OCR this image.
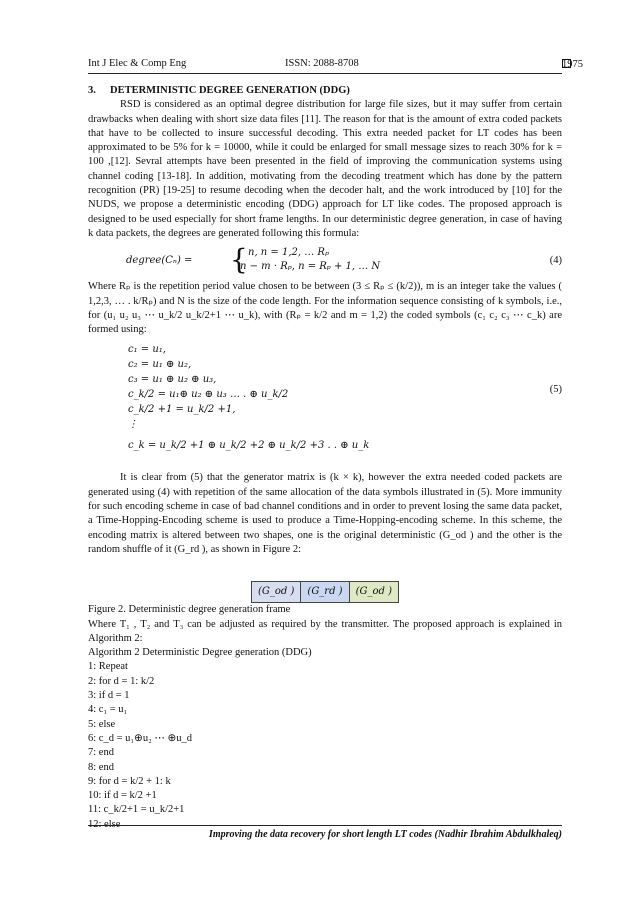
Int J Elec & Comp Eng	ISSN: 2088-8708	1975

3. DETERMINISTIC DEGREE GENERATION (DDG)

RSD is considered as an optimal degree distribution for large file sizes, but it may suffer from certain drawbacks when dealing with short size data files [11]. The reason for that is the amount of extra coded packets that have to be collected to insure successful decoding. This extra needed packet for LT codes has been approximated to be 5% for k = 10000, while it could be enlarged for small message sizes to reach 30% for k = 100 ,[12]. Sevral attempts have been presented in the field of improving the communication systems using channel coding [13-18]. In addition, motivating from the decoding treatment which has done by the pattern recognition (PR) [19-25] to resume decoding when the decoder halt, and the work introduced by [10] for the NUDS, we propose a deterministic encoding (DDG) approach for LT like codes. The proposed approach is designed to be used especially for short frame lengths. In our deterministic degree generation, in case of having k data packets, the degrees are generated following this formula:

degree(Cₙ) = { n, n = 1,2, … Rₚ
n − m · Rₚ, n = Rₚ + 1, … N
(4)

Where Rₚ is the repetition period value chosen to be between (3 ≤ Rₚ ≤ (k/2)), m is an integer take the values ( 1,2,3, … . k/Rₚ) and N is the size of the code length. For the information sequence consisting of k symbols, i.e., for (u₁ u₂ u₃ ⋯ u_k/2 u_k/2+1 ⋯ u_k), with (Rₚ = k/2 and m = 1,2) the coded symbols (c₁ c₂ c₃ ⋯ c_k) are formed using:

c₁ = u₁,
c₂ = u₁ ⊕ u₂,
c₃ = u₁ ⊕ u₂ ⊕ u₃,
c_k/2 = u₁⊕ u₂ ⊕ u₃ … . ⊕ u_k/2
c_k/2 +1 = u_k/2 +1,
⋮
c_k = u_k/2 +1 ⊕ u_k/2 +2 ⊕ u_k/2 +3 . . ⊕ u_k
(5)

It is clear from (5) that the generator matrix is (k × k), however the extra needed coded packets are generated using (4) with repetition of the same allocation of the data symbols illustrated in (5). More immunity for such encoding scheme in case of bad channel conditions and in order to prevent losing the same data packet, a Time-Hopping-Encoding scheme is used to produce a Time-Hopping-encoding scheme. In this scheme, the encoding matrix is altered between two shapes, one is the original deterministic (G_od ) and the other is the random shuffle of it (G_rd ), as shown in Figure 2:

(G_od )	(G_rd )	(G_od )

Figure 2. Deterministic degree generation frame

Where T₁ , T₂ and T₃ can be adjusted as required by the transmitter. The proposed approach is explained in Algorithm 2:

Algorithm 2 Deterministic Degree generation (DDG)

1: Repeat

2: for d = 1: k/2

3: if d = 1

4: c₁ = u₁

5: else

6: c_d = u₁⊕u₂ ⋯ ⊕u_d

7: end

8: end

9: for d = k/2 + 1: k

10: if d = k/2 +1

11: c_k/2+1 = u_k/2+1

12: else

Improving the data recovery for short length LT codes (Nadhir Ibrahim Abdulkhaleq)
